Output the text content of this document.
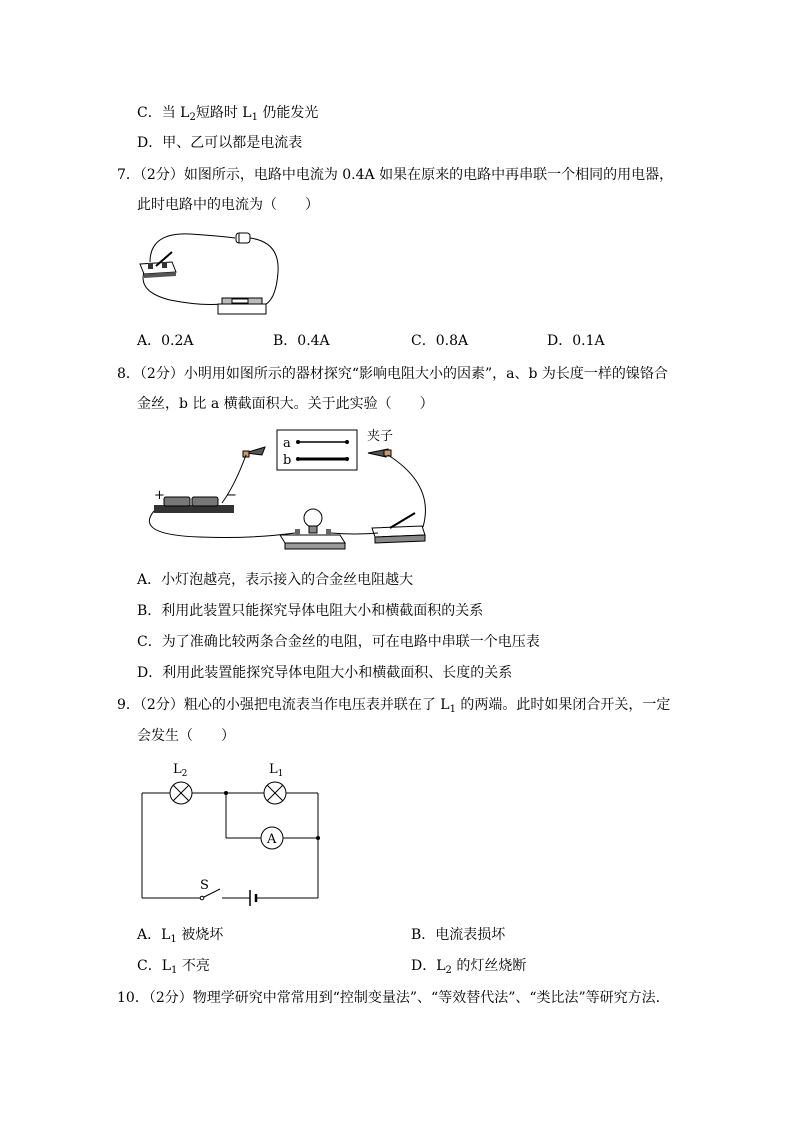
C．当 $L_2$短路时 $L_1$ 仍能发光
D．甲、乙可以都是电流表
7．（2分）如图所示，电路中电流为 0.4A 如果在原来的电路中再串联一个相同的用电器，
此时电路中的电流为（　　）
A．0.2A	B．0.4A	C．0.8A	D．0.1A
8．（2分）小明用如图所示的器材探究“影响电阻大小的因素”，a、b 为长度一样的镍铬合
金丝，b 比 a 横截面积大。关于此实验（　　）
a
b
夹子
+	−
A．小灯泡越亮，表示接入的合金丝电阻越大
B．利用此装置只能探究导体电阻大小和横截面积的关系
C．为了准确比较两条合金丝的电阻，可在电路中串联一个电压表
D．利用此装置能探究导体电阻大小和横截面积、长度的关系
9．（2分）粗心的小强把电流表当作电压表并联在了 $L_1$ 的两端。此时如果闭合开关，一定
会发生（　　）
$L_2$	$L_1$
A
S
A．$L_1$ 被烧坏	B．电流表损坏
C．$L_1$ 不亮	D．$L_2$ 的灯丝烧断
10．（2分）物理学研究中常常用到“控制变量法”、“等效替代法”、“类比法”等研究方法.
